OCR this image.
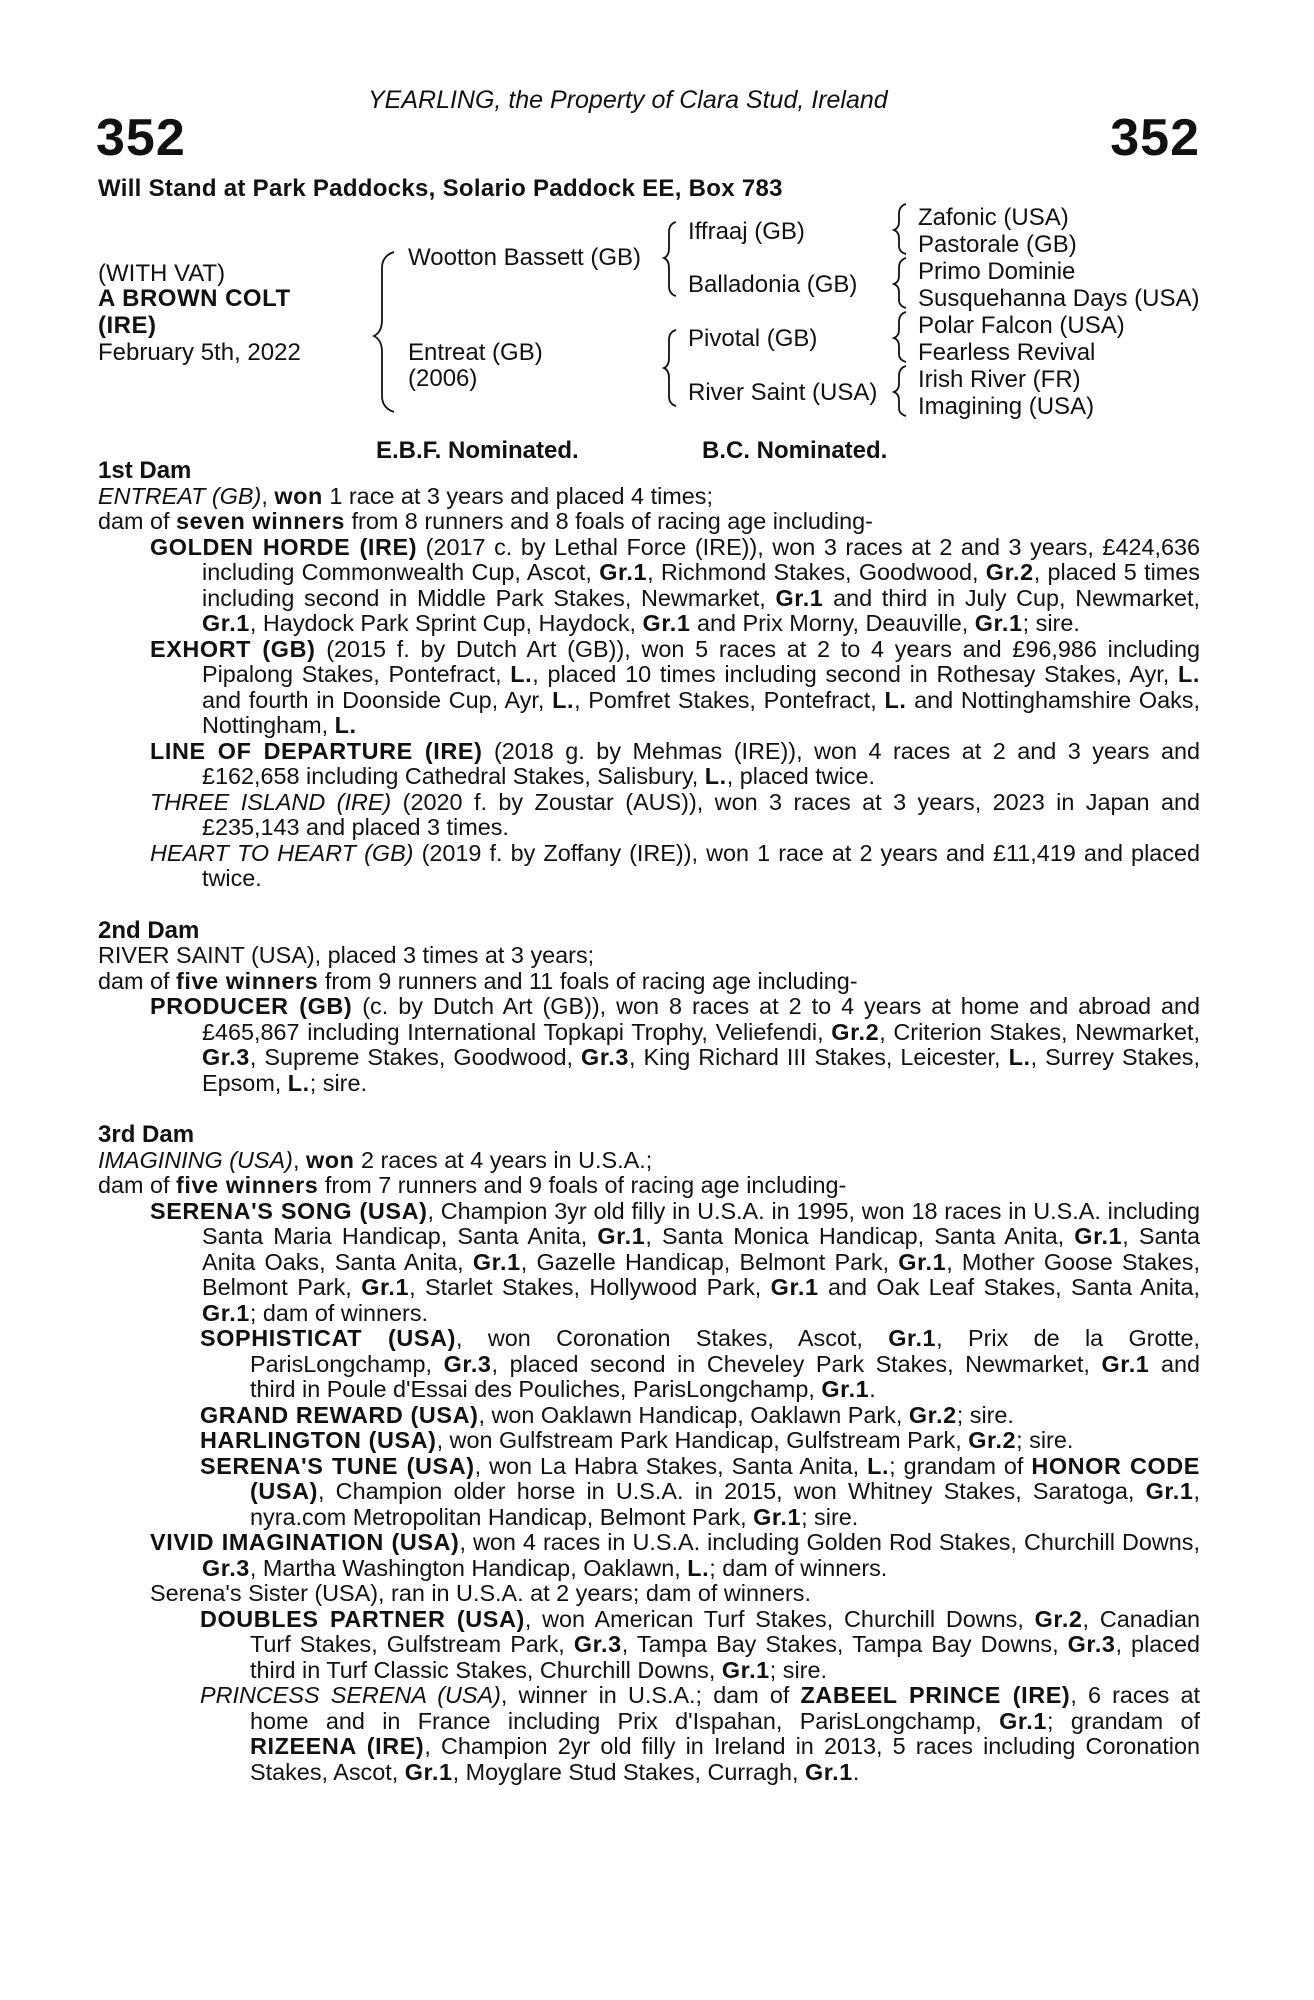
YEARLING, the Property of Clara Stud, Ireland
352	352
Will Stand at Park Paddocks, Solario Paddock EE, Box 783
(WITH VAT)
A BROWN COLT
(IRE)
February 5th, 2022
Wootton Bassett (GB)
Entreat (GB)
(2006)
Iffraaj (GB)
Balladonia (GB)
Pivotal (GB)
River Saint (USA)
Zafonic (USA)
Pastorale (GB)
Primo Dominie
Susquehanna Days (USA)
Polar Falcon (USA)
Fearless Revival
Irish River (FR)
Imagining (USA)
E.B.F. Nominated.	B.C. Nominated.

1st Dam

ENTREAT (GB), won 1 race at 3 years and placed 4 times;

dam of seven winners from 8 runners and 8 foals of racing age including-

GOLDEN HORDE (IRE) (2017 c. by Lethal Force (IRE)), won 3 races at 2 and 3 years, £424,636 including Commonwealth Cup, Ascot, Gr.1, Richmond Stakes, Goodwood, Gr.2, placed 5 times including second in Middle Park Stakes, Newmarket, Gr.1 and third in July Cup, Newmarket, Gr.1, Haydock Park Sprint Cup, Haydock, Gr.1 and Prix Morny, Deauville, Gr.1; sire.

EXHORT (GB) (2015 f. by Dutch Art (GB)), won 5 races at 2 to 4 years and £96,986 including Pipalong Stakes, Pontefract, L., placed 10 times including second in Rothesay Stakes, Ayr, L. and fourth in Doonside Cup, Ayr, L., Pomfret Stakes, Pontefract, L. and Nottinghamshire Oaks, Nottingham, L.

LINE OF DEPARTURE (IRE) (2018 g. by Mehmas (IRE)), won 4 races at 2 and 3 years and £162,658 including Cathedral Stakes, Salisbury, L., placed twice.

THREE ISLAND (IRE) (2020 f. by Zoustar (AUS)), won 3 races at 3 years, 2023 in Japan and £235,143 and placed 3 times.

HEART TO HEART (GB) (2019 f. by Zoffany (IRE)), won 1 race at 2 years and £11,419 and placed twice.

2nd Dam

RIVER SAINT (USA), placed 3 times at 3 years;

dam of five winners from 9 runners and 11 foals of racing age including-

PRODUCER (GB) (c. by Dutch Art (GB)), won 8 races at 2 to 4 years at home and abroad and £465,867 including International Topkapi Trophy, Veliefendi, Gr.2, Criterion Stakes, Newmarket, Gr.3, Supreme Stakes, Goodwood, Gr.3, King Richard III Stakes, Leicester, L., Surrey Stakes, Epsom, L.; sire.

3rd Dam

IMAGINING (USA), won 2 races at 4 years in U.S.A.;

dam of five winners from 7 runners and 9 foals of racing age including-

SERENA'S SONG (USA), Champion 3yr old filly in U.S.A. in 1995, won 18 races in U.S.A. including Santa Maria Handicap, Santa Anita, Gr.1, Santa Monica Handicap, Santa Anita, Gr.1, Santa Anita Oaks, Santa Anita, Gr.1, Gazelle Handicap, Belmont Park, Gr.1, Mother Goose Stakes, Belmont Park, Gr.1, Starlet Stakes, Hollywood Park, Gr.1 and Oak Leaf Stakes, Santa Anita, Gr.1; dam of winners.

SOPHISTICAT (USA), won Coronation Stakes, Ascot, Gr.1, Prix de la Grotte, ParisLongchamp, Gr.3, placed second in Cheveley Park Stakes, Newmarket, Gr.1 and third in Poule d'Essai des Pouliches, ParisLongchamp, Gr.1.

GRAND REWARD (USA), won Oaklawn Handicap, Oaklawn Park, Gr.2; sire.

HARLINGTON (USA), won Gulfstream Park Handicap, Gulfstream Park, Gr.2; sire.

SERENA'S TUNE (USA), won La Habra Stakes, Santa Anita, L.; grandam of HONOR CODE (USA), Champion older horse in U.S.A. in 2015, won Whitney Stakes, Saratoga, Gr.1, nyra.com Metropolitan Handicap, Belmont Park, Gr.1; sire.

VIVID IMAGINATION (USA), won 4 races in U.S.A. including Golden Rod Stakes, Churchill Downs, Gr.3, Martha Washington Handicap, Oaklawn, L.; dam of winners.

Serena's Sister (USA), ran in U.S.A. at 2 years; dam of winners.

DOUBLES PARTNER (USA), won American Turf Stakes, Churchill Downs, Gr.2, Canadian Turf Stakes, Gulfstream Park, Gr.3, Tampa Bay Stakes, Tampa Bay Downs, Gr.3, placed third in Turf Classic Stakes, Churchill Downs, Gr.1; sire.

PRINCESS SERENA (USA), winner in U.S.A.; dam of ZABEEL PRINCE (IRE), 6 races at home and in France including Prix d'Ispahan, ParisLongchamp, Gr.1; grandam of RIZEENA (IRE), Champion 2yr old filly in Ireland in 2013, 5 races including Coronation Stakes, Ascot, Gr.1, Moyglare Stud Stakes, Curragh, Gr.1.
